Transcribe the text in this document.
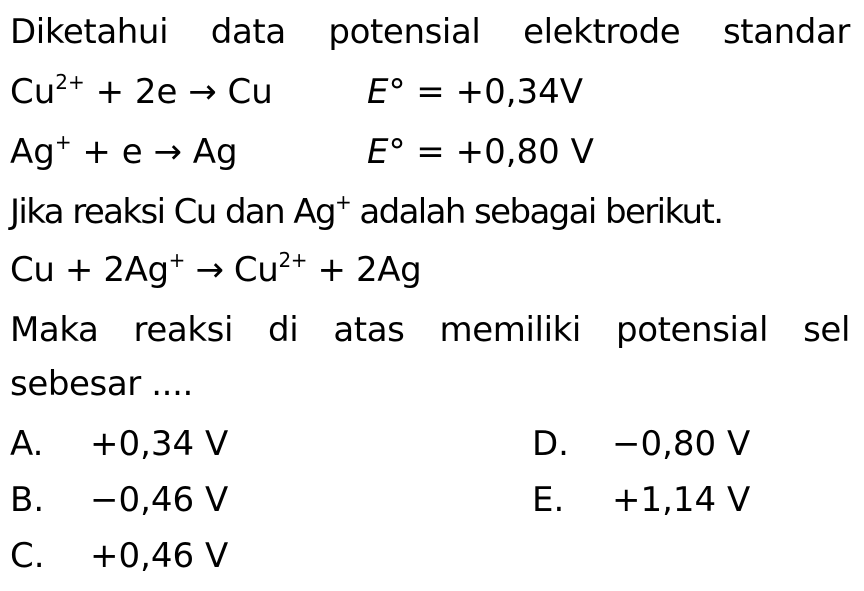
Diketahui data potensial elektrode standar
$Cu^{2+} + 2e \to Cu$	E° = +0,34V
Ag+ + e → Ag	E° = +0,80 V
Jika reaksi Cu dan Ag+ adalah sebagai berikut.
$Cu + 2Ag^+ \to Cu^{2+} + 2Ag$
Maka reaksi di atas memiliki potensial sel
sebesar ....
A. +0,34 V
B. −0,46 V
C. +0,46 V
D. −0,80 V
E. +1,14 V
